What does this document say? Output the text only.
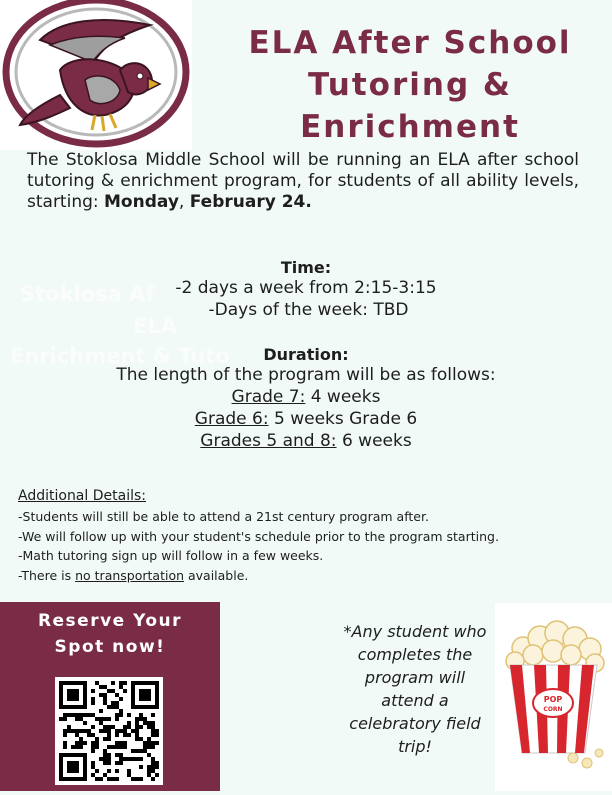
ELA After School
Tutoring &
Enrichment

The Stoklosa Middle School will be running an ELA after school tutoring & enrichment program, for students of all ability levels, starting: Monday, February 24.

Stoklosa Af
ELA
Enrichment & Tuto
Time:
-2 days a week from 2:15-3:15
-Days of the week: TBD
Duration:
The length of the program will be as follows:
Grade 7: 4 weeks
Grade 6: 5 weeks Grade 6
Grades 5 and 8: 6 weeks
Additional Details:
-Students will still be able to attend a 21st century program after.
-We will follow up with your student's schedule prior to the program starting.
-Math tutoring sign up will follow in a few weeks.
-There is no transportation available.
Reserve Your
Spot now!
*Any student who
completes the
program will
attend a
celebratory field
trip!
POP
CORN
